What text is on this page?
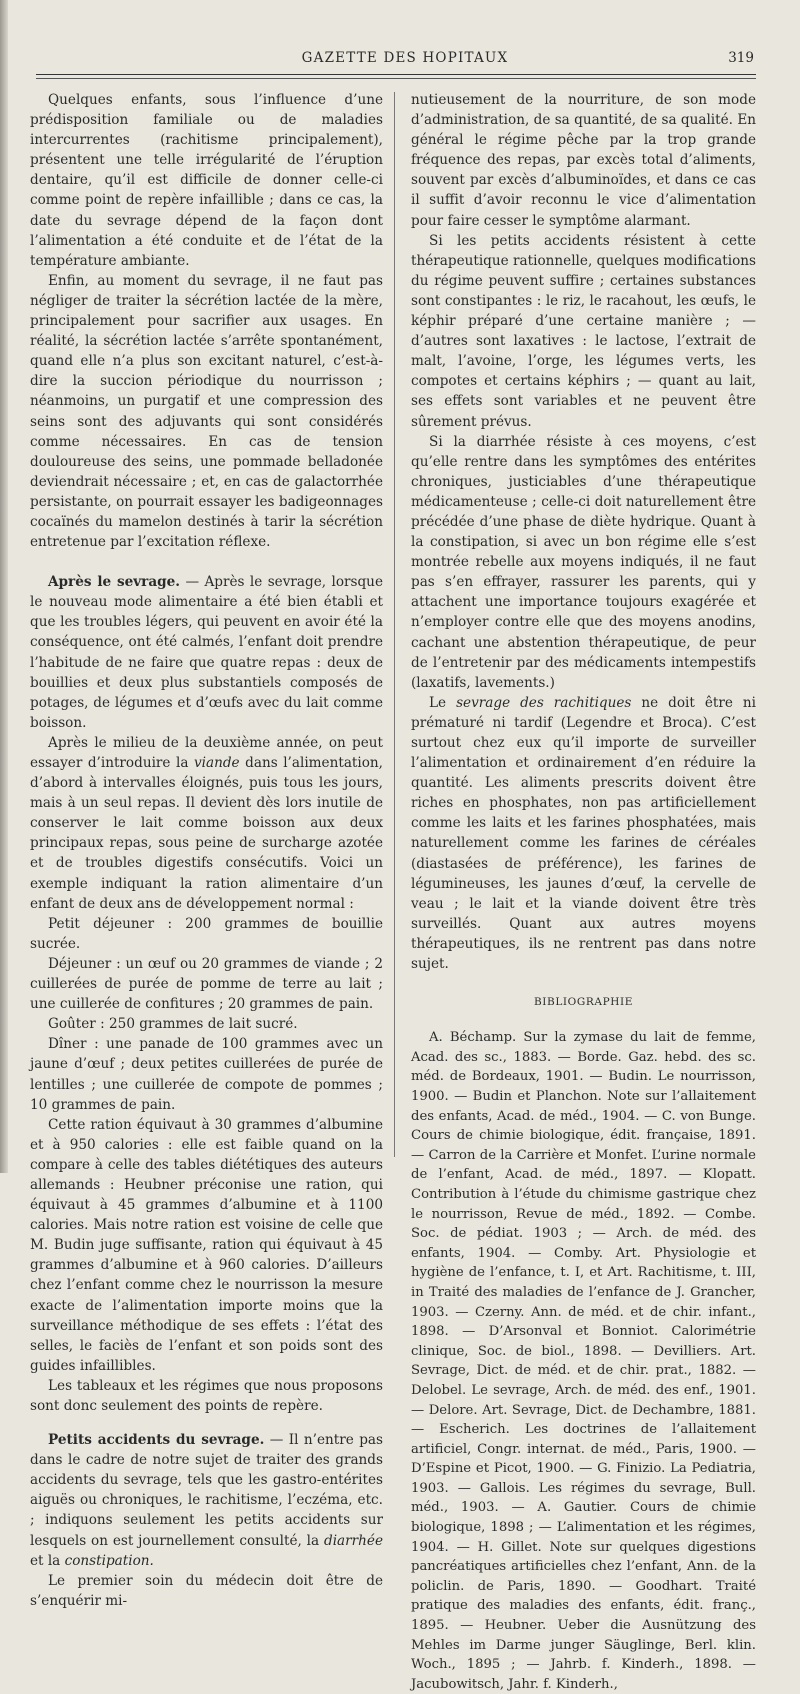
GAZETTE DES HOPITAUX	319

Quelques enfants, sous l’influence d’une prédisposition familiale ou de maladies intercurrentes (rachitisme principalement), présentent une telle irrégularité de l’éruption dentaire, qu’il est difficile de donner celle-ci comme point de repère infaillible ; dans ce cas, la date du sevrage dépend de la façon dont l’alimentation a été conduite et de l’état de la température ambiante.

Enfin, au moment du sevrage, il ne faut pas négliger de traiter la sécrétion lactée de la mère, principalement pour sacrifier aux usages. En réalité, la sécrétion lactée s’arrête spontanément, quand elle n’a plus son excitant naturel, c’est-à-dire la succion périodique du nourrisson ; néanmoins, un purgatif et une compression des seins sont des adjuvants qui sont considérés comme nécessaires. En cas de tension douloureuse des seins, une pommade belladonée deviendrait nécessaire ; et, en cas de galactorrhée persistante, on pourrait essayer les badigeonnages cocaïnés du mamelon destinés à tarir la sécrétion entretenue par l’excitation réflexe.

Après le sevrage. — Après le sevrage, lorsque le nouveau mode alimentaire a été bien établi et que les troubles légers, qui peuvent en avoir été la conséquence, ont été calmés, l’enfant doit prendre l’habitude de ne faire que quatre repas : deux de bouillies et deux plus substantiels composés de potages, de légumes et d’œufs avec du lait comme boisson.

Après le milieu de la deuxième année, on peut essayer d’introduire la viande dans l’alimentation, d’abord à intervalles éloignés, puis tous les jours, mais à un seul repas. Il devient dès lors inutile de conserver le lait comme boisson aux deux principaux repas, sous peine de surcharge azotée et de troubles digestifs consécutifs. Voici un exemple indiquant la ration alimentaire d’un enfant de deux ans de développement normal :

Petit déjeuner : 200 grammes de bouillie sucrée.

Déjeuner : un œuf ou 20 grammes de viande ; 2 cuillerées de purée de pomme de terre au lait ; une cuillerée de confitures ; 20 grammes de pain.

Goûter : 250 grammes de lait sucré.

Dîner : une panade de 100 grammes avec un jaune d’œuf ; deux petites cuillerées de purée de lentilles ; une cuillerée de compote de pommes ; 10 grammes de pain.

Cette ration équivaut à 30 grammes d’albumine et à 950 calories : elle est faible quand on la compare à celle des tables diététiques des auteurs allemands : Heubner préconise une ration, qui équivaut à 45 grammes d’albumine et à 1100 calories. Mais notre ration est voisine de celle que M. Budin juge suffisante, ration qui équivaut à 45 grammes d’albumine et à 960 calories. D’ailleurs chez l’enfant comme chez le nourrisson la mesure exacte de l’alimentation importe moins que la surveillance méthodique de ses effets : l’état des selles, le faciès de l’enfant et son poids sont des guides infaillibles.

Les tableaux et les régimes que nous proposons sont donc seulement des points de repère.

Petits accidents du sevrage. — Il n’entre pas dans le cadre de notre sujet de traiter des grands accidents du sevrage, tels que les gastro-entérites aiguës ou chroniques, le rachitisme, l’eczéma, etc. ; indiquons seulement les petits accidents sur lesquels on est journellement consulté, la diarrhée et la constipation.

Le premier soin du médecin doit être de s’enquérir mi-

nutieusement de la nourriture, de son mode d’administration, de sa quantité, de sa qualité. En général le régime pêche par la trop grande fréquence des repas, par excès total d’aliments, souvent par excès d’albuminoïdes, et dans ce cas il suffit d’avoir reconnu le vice d’alimentation pour faire cesser le symptôme alarmant.

Si les petits accidents résistent à cette thérapeutique rationnelle, quelques modifications du régime peuvent suffire ; certaines substances sont constipantes : le riz, le racahout, les œufs, le képhir préparé d’une certaine manière ; — d’autres sont laxatives : le lactose, l’extrait de malt, l’avoine, l’orge, les légumes verts, les compotes et certains képhirs ; — quant au lait, ses effets sont variables et ne peuvent être sûrement prévus.

Si la diarrhée résiste à ces moyens, c’est qu’elle rentre dans les symptômes des entérites chroniques, justiciables d’une thérapeutique médicamenteuse ; celle-ci doit naturellement être précédée d’une phase de diète hydrique. Quant à la constipation, si avec un bon régime elle s’est montrée rebelle aux moyens indiqués, il ne faut pas s’en effrayer, rassurer les parents, qui y attachent une importance toujours exagérée et n’employer contre elle que des moyens anodins, cachant une abstention thérapeutique, de peur de l’entretenir par des médicaments intempestifs (laxatifs, lavements.)

Le sevrage des rachitiques ne doit être ni prématuré ni tardif (Legendre et Broca). C’est surtout chez eux qu’il importe de surveiller l’alimentation et ordinairement d’en réduire la quantité. Les aliments prescrits doivent être riches en phosphates, non pas artificiellement comme les laits et les farines phosphatées, mais naturellement comme les farines de céréales (diastasées de préférence), les farines de légumineuses, les jaunes d’œuf, la cervelle de veau ; le lait et la viande doivent être très surveillés. Quant aux autres moyens thérapeutiques, ils ne rentrent pas dans notre sujet.

BIBLIOGRAPHIE

A. Béchamp. Sur la zymase du lait de femme, Acad. des sc., 1883. — Borde. Gaz. hebd. des sc. méd. de Bordeaux, 1901. — Budin. Le nourrisson, 1900. — Budin et Planchon. Note sur l’allaitement des enfants, Acad. de méd., 1904. — C. von Bunge. Cours de chimie biologique, édit. française, 1891. — Carron de la Carrière et Monfet. L’urine normale de l’enfant, Acad. de méd., 1897. — Klopatt. Contribution à l’étude du chimisme gastrique chez le nourrisson, Revue de méd., 1892. — Combe. Soc. de pédiat. 1903 ; — Arch. de méd. des enfants, 1904. — Comby. Art. Physiologie et hygiène de l’enfance, t. I, et Art. Rachitisme, t. III, in Traité des maladies de l’enfance de J. Grancher, 1903. — Czerny. Ann. de méd. et de chir. infant., 1898. — D’Arsonval et Bonniot. Calorimétrie clinique, Soc. de biol., 1898. — Devilliers. Art. Sevrage, Dict. de méd. et de chir. prat., 1882. — Delobel. Le sevrage, Arch. de méd. des enf., 1901. — Delore. Art. Sevrage, Dict. de Dechambre, 1881. — Escherich. Les doctrines de l’allaitement artificiel, Congr. internat. de méd., Paris, 1900. — D’Espine et Picot, 1900. — G. Finizio. La Pediatria, 1903. — Gallois. Les régimes du sevrage, Bull. méd., 1903. — A. Gautier. Cours de chimie biologique, 1898 ; — L’alimentation et les régimes, 1904. — H. Gillet. Note sur quelques digestions pancréatiques artificielles chez l’enfant, Ann. de la policlin. de Paris, 1890. — Goodhart. Traité pratique des maladies des enfants, édit. franç., 1895. — Heubner. Ueber die Ausnützung des Mehles im Darme junger Säuglinge, Berl. klin. Woch., 1895 ; — Jahrb. f. Kinderh., 1898. — Jacubowitsch, Jahr. f. Kinderh.,
